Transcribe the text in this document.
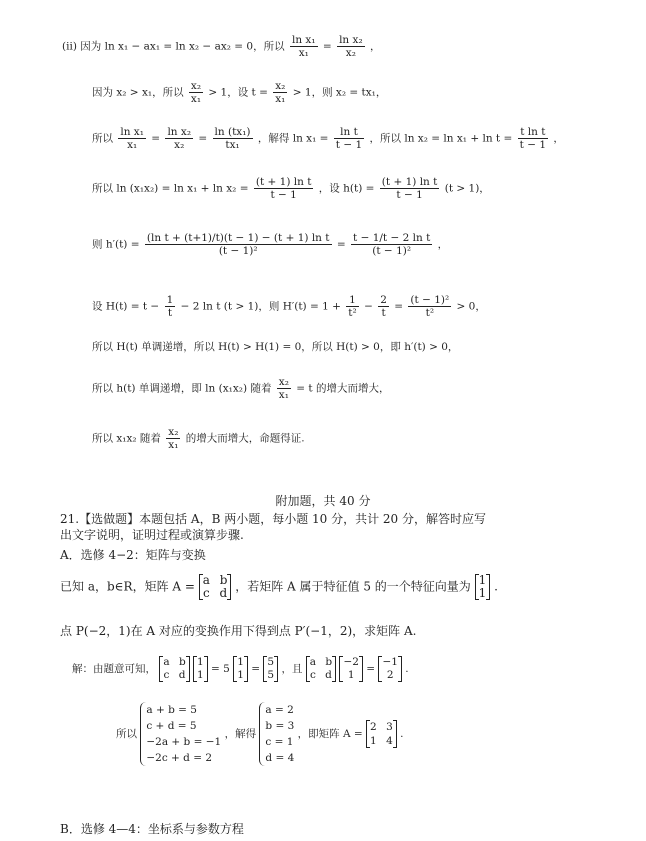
(ⅱ) 因为 ln x₁ − ax₁ = ln x₂ − ax₂ = 0，所以 $\frac{\text{ln x₁}}{\text{x₁}} = \frac{\text{ln x₂}}{\text{x₂}}$ ，
因为 x₂ > x₁，所以 $\frac{\text{x₂}}{\text{x₁}} > 1$，设 $t = \frac{\text{x₂}}{\text{x₁}} > 1$，则 x₂ = tx₁，
所以 $\frac{\text{ln x₁}}{\text{x₁}} = \frac{\text{ln x₂}}{\text{x₂}} = \frac{\text{ln (tx₁)}}{\text{tx₁}}$ ，解得 $\ln x_1 = \frac{\text{ln t}}{t - 1}$ ，所以 $\ln x_2 = \ln x_1 + \ln t = \frac{\text{t ln t}}{t - 1}$ ，
所以 $\ln (x_1x_2) = \ln x_1 + \ln x_2 = \frac{\text{(t + 1) ln t}}{t - 1}$ ，设 $h(t) = \frac{\text{(t + 1) ln t}}{t - 1} (t > 1)$，
则 $h'(t) = \frac{\text{(ln t + (t+1)/t)(t − 1) − (t + 1) ln t}}{\text{(t − 1)²}} = \frac{\text{t − 1/t − 2 ln t}}{\text{(t − 1)²}}$ ，
设 $H(t) = t - \frac{1}{t} - 2$ ln t (t > 1)，则 $H'(t) = 1 + \frac{1}{\text{t²}} - \frac{2}{t} = \frac{\text{(t − 1)²}}{\text{t²}} > 0$，
所以 H(t) 单调递增，所以 H(t) > H(1) = 0，所以 H(t) > 0，即 h′(t) > 0，
所以 h(t) 单调递增，即 ln (x₁x₂) 随着 $\frac{\text{x₂}}{\text{x₁}} = t$ 的增大而增大，
所以 x₁x₂ 随着 $\frac{\text{x₂}}{\text{x₁}}$ 的增大而增大，命题得证.
附加题，共 40 分
21.【选做题】本题包括 A，B 两小题，每小题 10 分，共计 20 分，解答时应写
出文字说明，证明过程或演算步骤.
A．选修 4−2：矩阵与变换
已知 a，b∈R，矩阵 A = a b
c d ，若矩阵 A 属于特征值 5 的一个特征向量为 1
1 .
点 P(−2，1)在 A 对应的变换作用下得到点 P′(−1，2)，求矩阵 A.
解：由题意可知，
a b
c d

1
1 = 5
1
1 =
5
5 ，且
a b
c d

−2
1	=
−1
2	.
所以
a + b = 5
c + d = 5
−2a + b = −1
−2c + d = 2
，解得
a = 2
b = 3
c = 1
d = 4
，即矩阵 A =
2 3
1 4
.
B．选修 4—4：坐标系与参数方程
